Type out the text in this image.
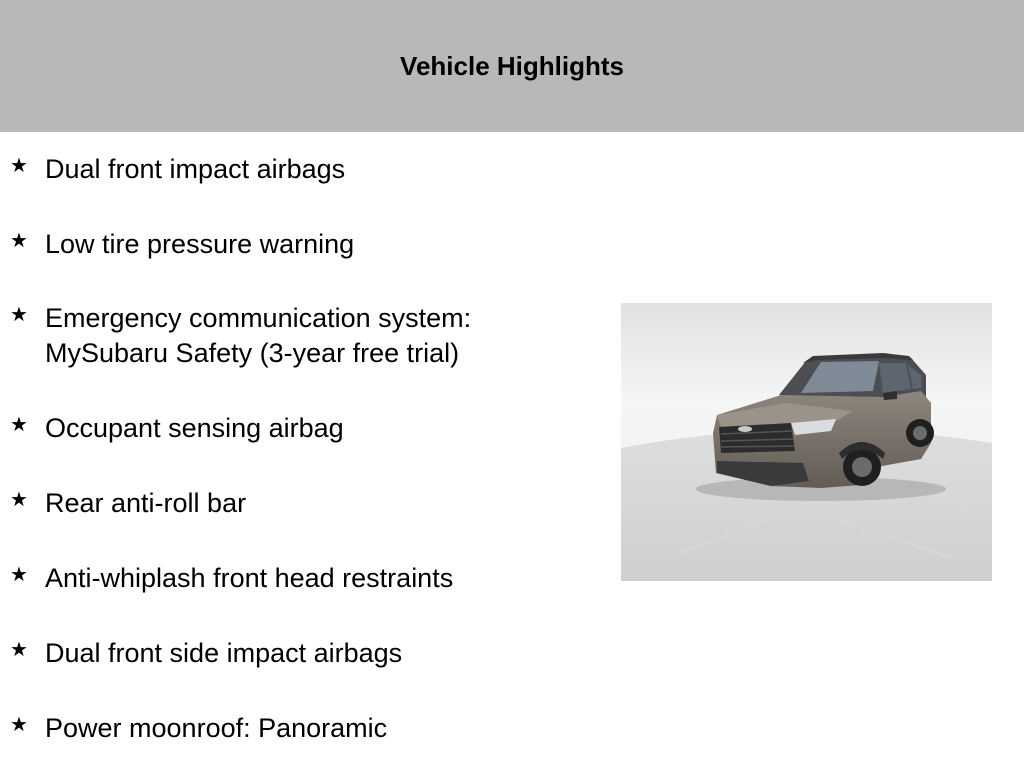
Vehicle Highlights
★ Dual front impact airbags
★ Low tire pressure warning
★ Emergency communication system:
MySubaru Safety (3-year free trial)
★ Occupant sensing airbag
★ Rear anti-roll bar
★ Anti-whiplash front head restraints
★ Dual front side impact airbags
★ Power moonroof: Panoramic
